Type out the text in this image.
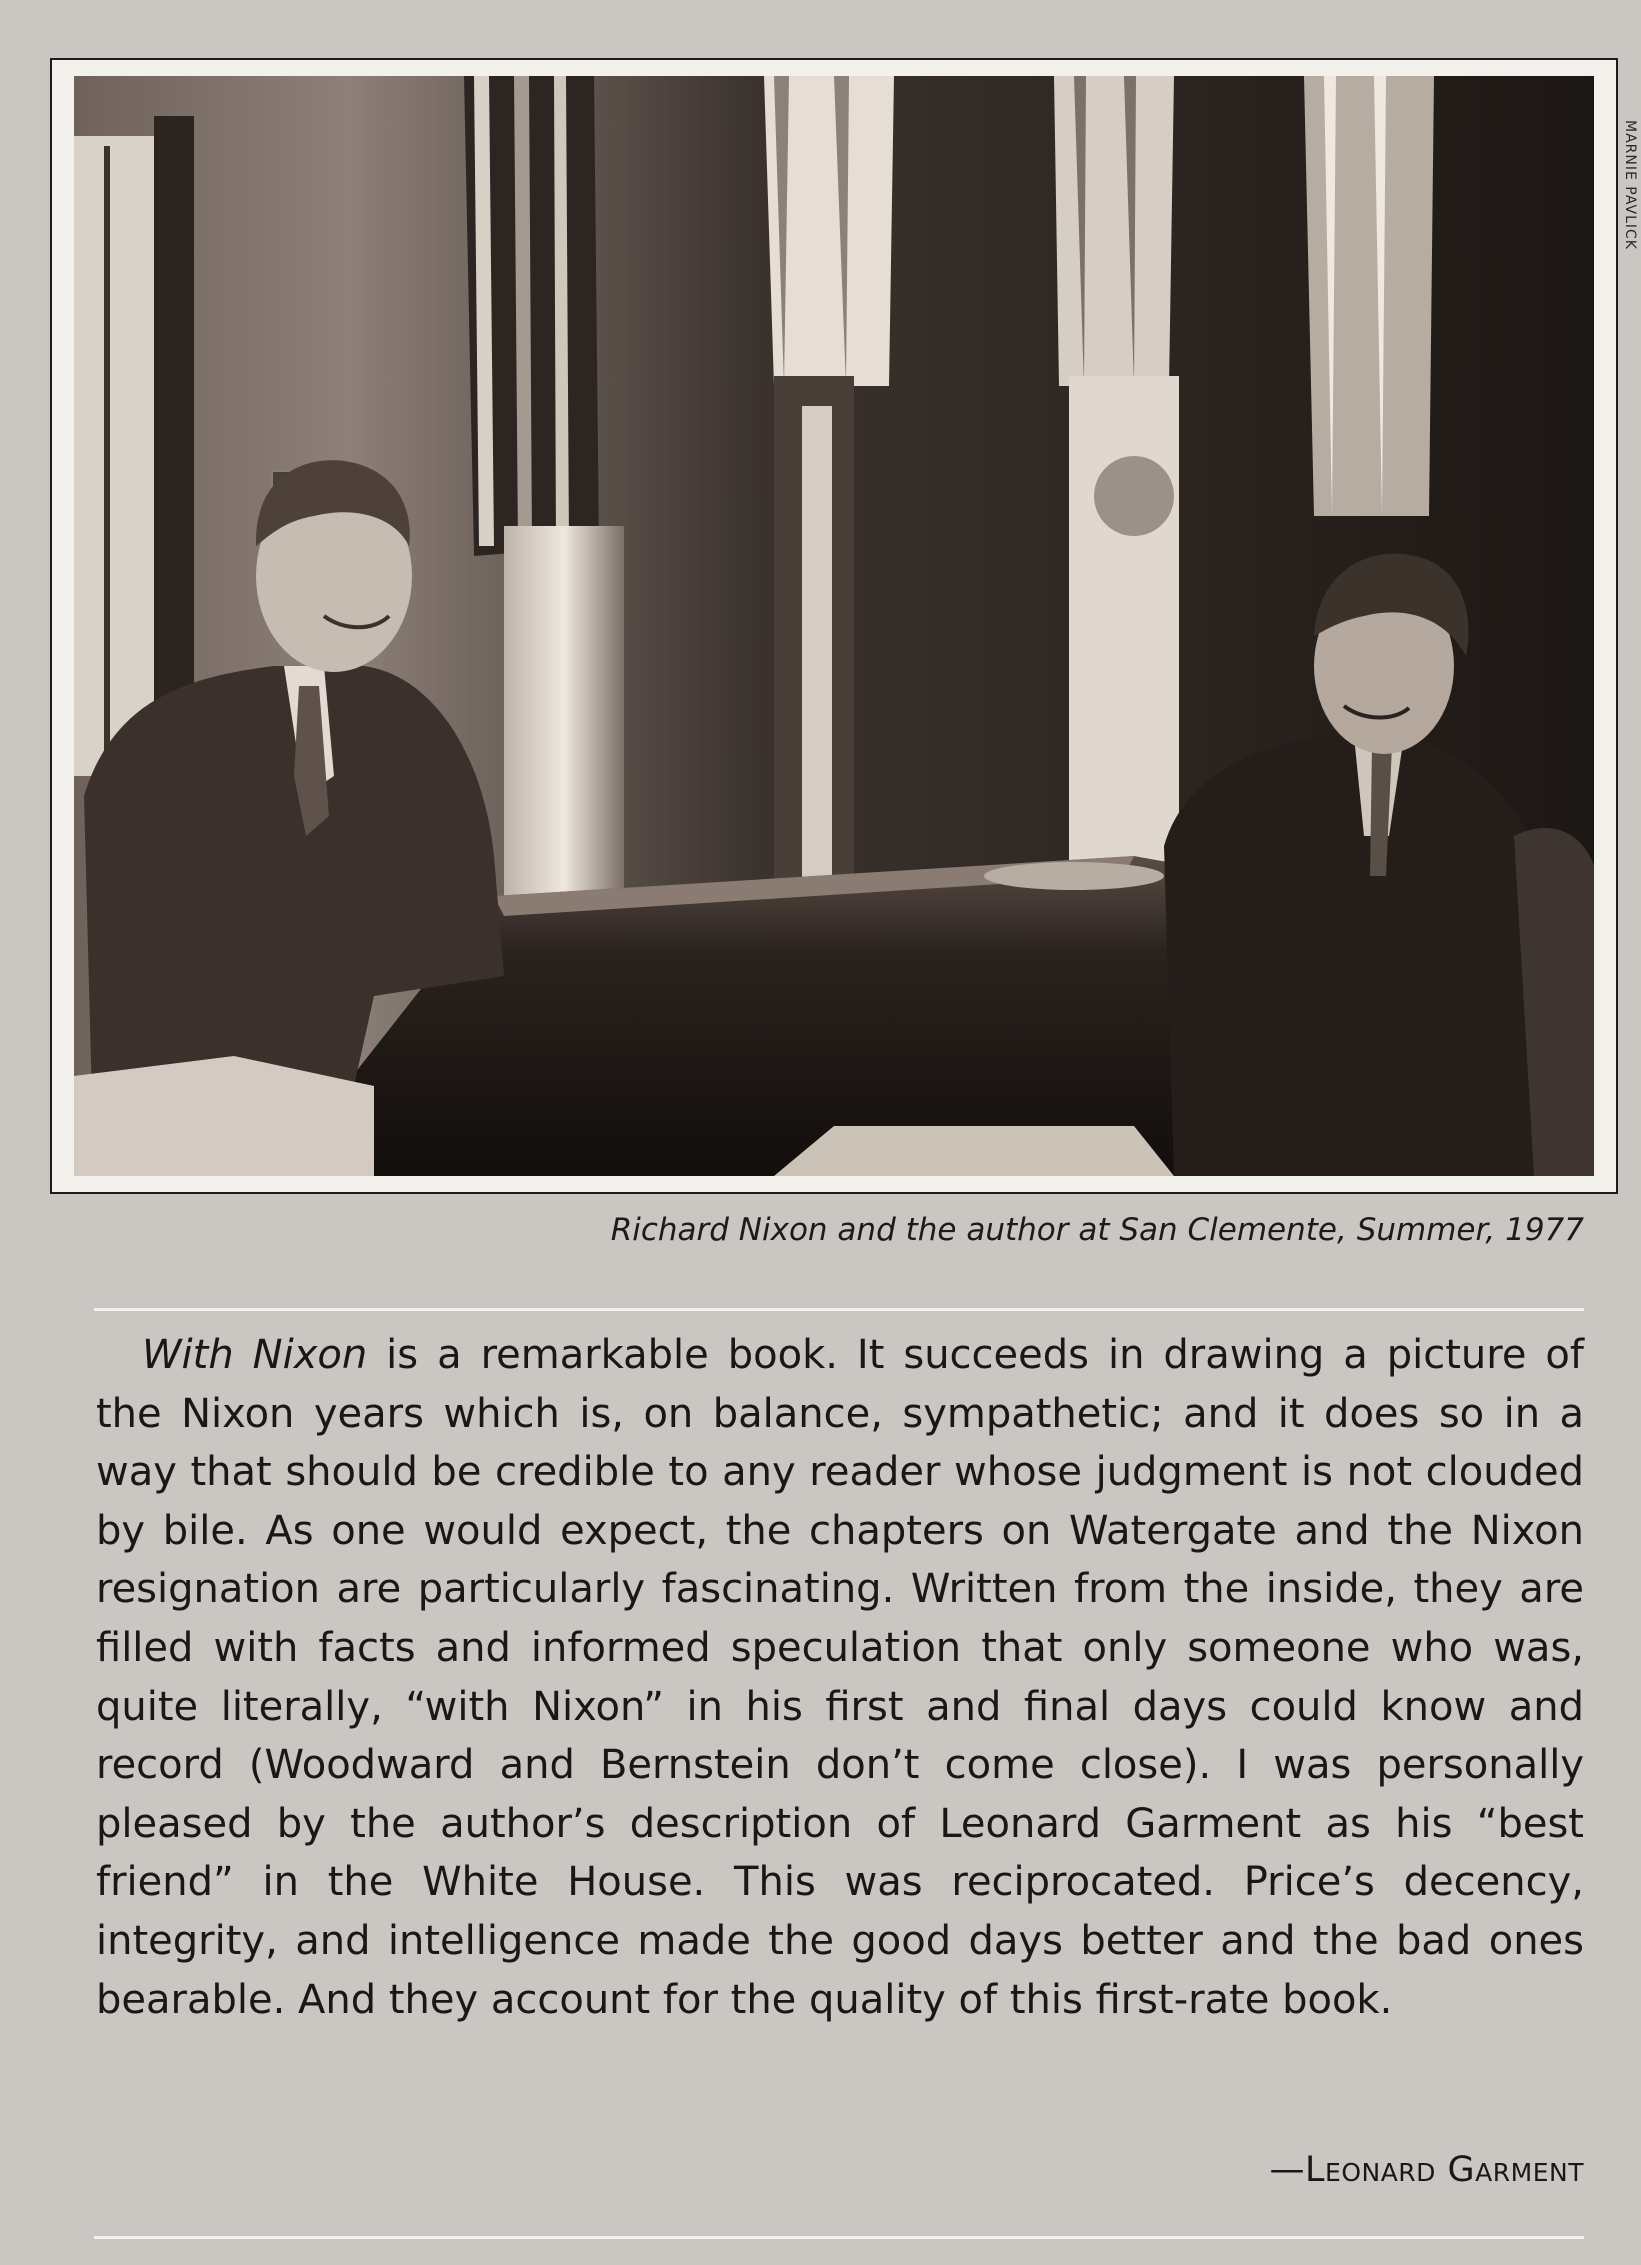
MARNIE PAVLICK
Richard Nixon and the author at San Clemente, Summer, 1977

With Nixon is a remarkable book. It succeeds in drawing a picture of the Nixon years which is, on balance, sympathetic; and it does so in a way that should be credible to any reader whose judgment is not clouded by bile. As one would expect, the chapters on Watergate and the Nixon resignation are particularly fascinating. Written from the inside, they are filled with facts and informed speculation that only someone who was, quite literally, “with Nixon” in his first and final days could know and record (Woodward and Bernstein don’t come close). I was personally pleased by the author’s description of Leonard Garment as his “best friend” in the White House. This was reciprocated. Price’s decency, integrity, and intelligence made the good days better and the bad ones bearable. And they account for the quality of this first-rate book.

—Leonard Garment
